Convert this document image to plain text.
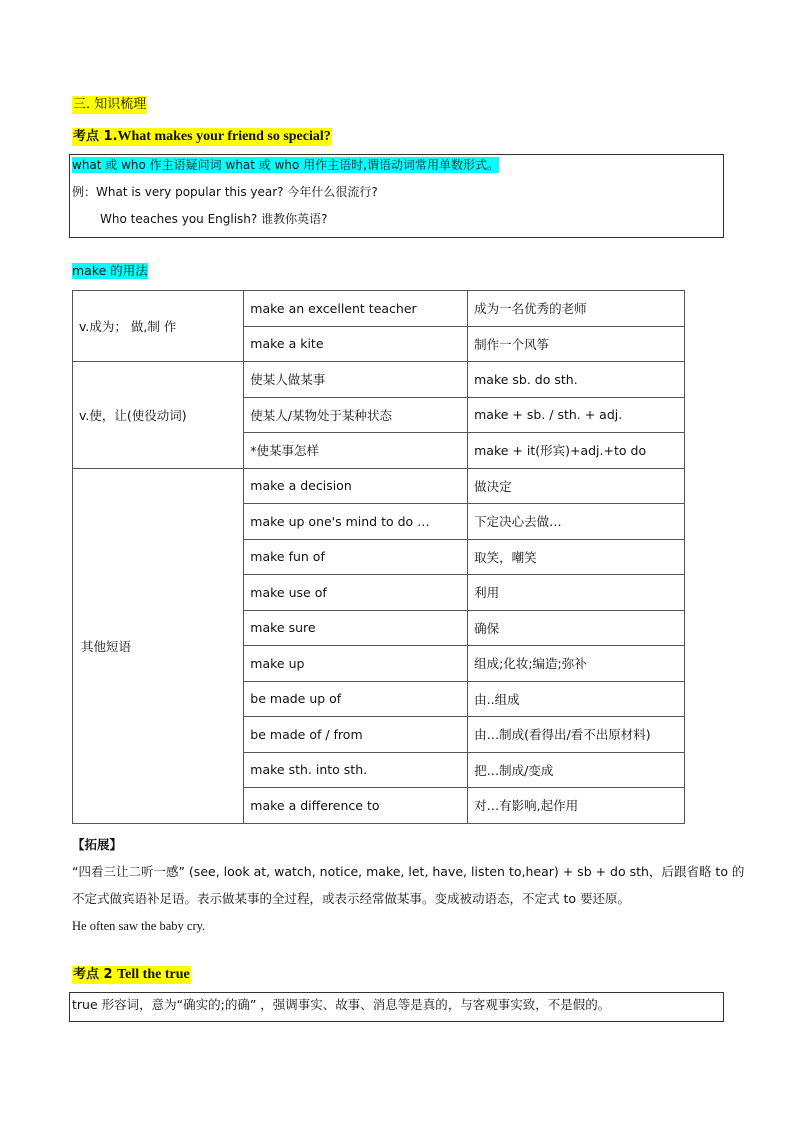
三. 知识梳理
考点 1.What makes your friend so special?
what 或 who 作主语疑问词 what 或 who 用作主语时,谓语动词常用单数形式。
例：What is very popular this year? 今年什么很流行?
Who teaches you English? 谁教你英语?
make 的用法
v.成为； 做,制 作	make an excellent teacher	成为一名优秀的老师
	make a kite	制作一个风筝
v.使，让(使役动词)	使某人做某事	make sb. do sth.
	使某人/某物处于某种状态	make + sb. / sth. + adj.
	*使某事怎样	make + it(形宾)+adj.+to do
其他短语	make a decision	做决定
	make up one's mind to do …	下定决心去做…
	make fun of	取笑，嘲笑
	make use of	利用
	make sure	确保
	make up	组成;化妆;编造;弥补
	be made up of	由..组成
	be made of / from	由…制成(看得出/看不出原材料)
	make sth. into sth.	把…制成/变成
	make a difference to	对…有影响,起作用
【拓展】
“四看三让二听一感” (see, look at, watch, notice, make, let, have, listen to,hear) + sb + do sth，后跟省略 to 的
不定式做宾语补足语。表示做某事的全过程，或表示经常做某事。变成被动语态，不定式 to 要还原。
He often saw the baby cry.
考点 2 Tell the true
true 形容词，意为“确实的;的确” ，强调事实、故事、消息等是真的，与客观事实致，不是假的。
